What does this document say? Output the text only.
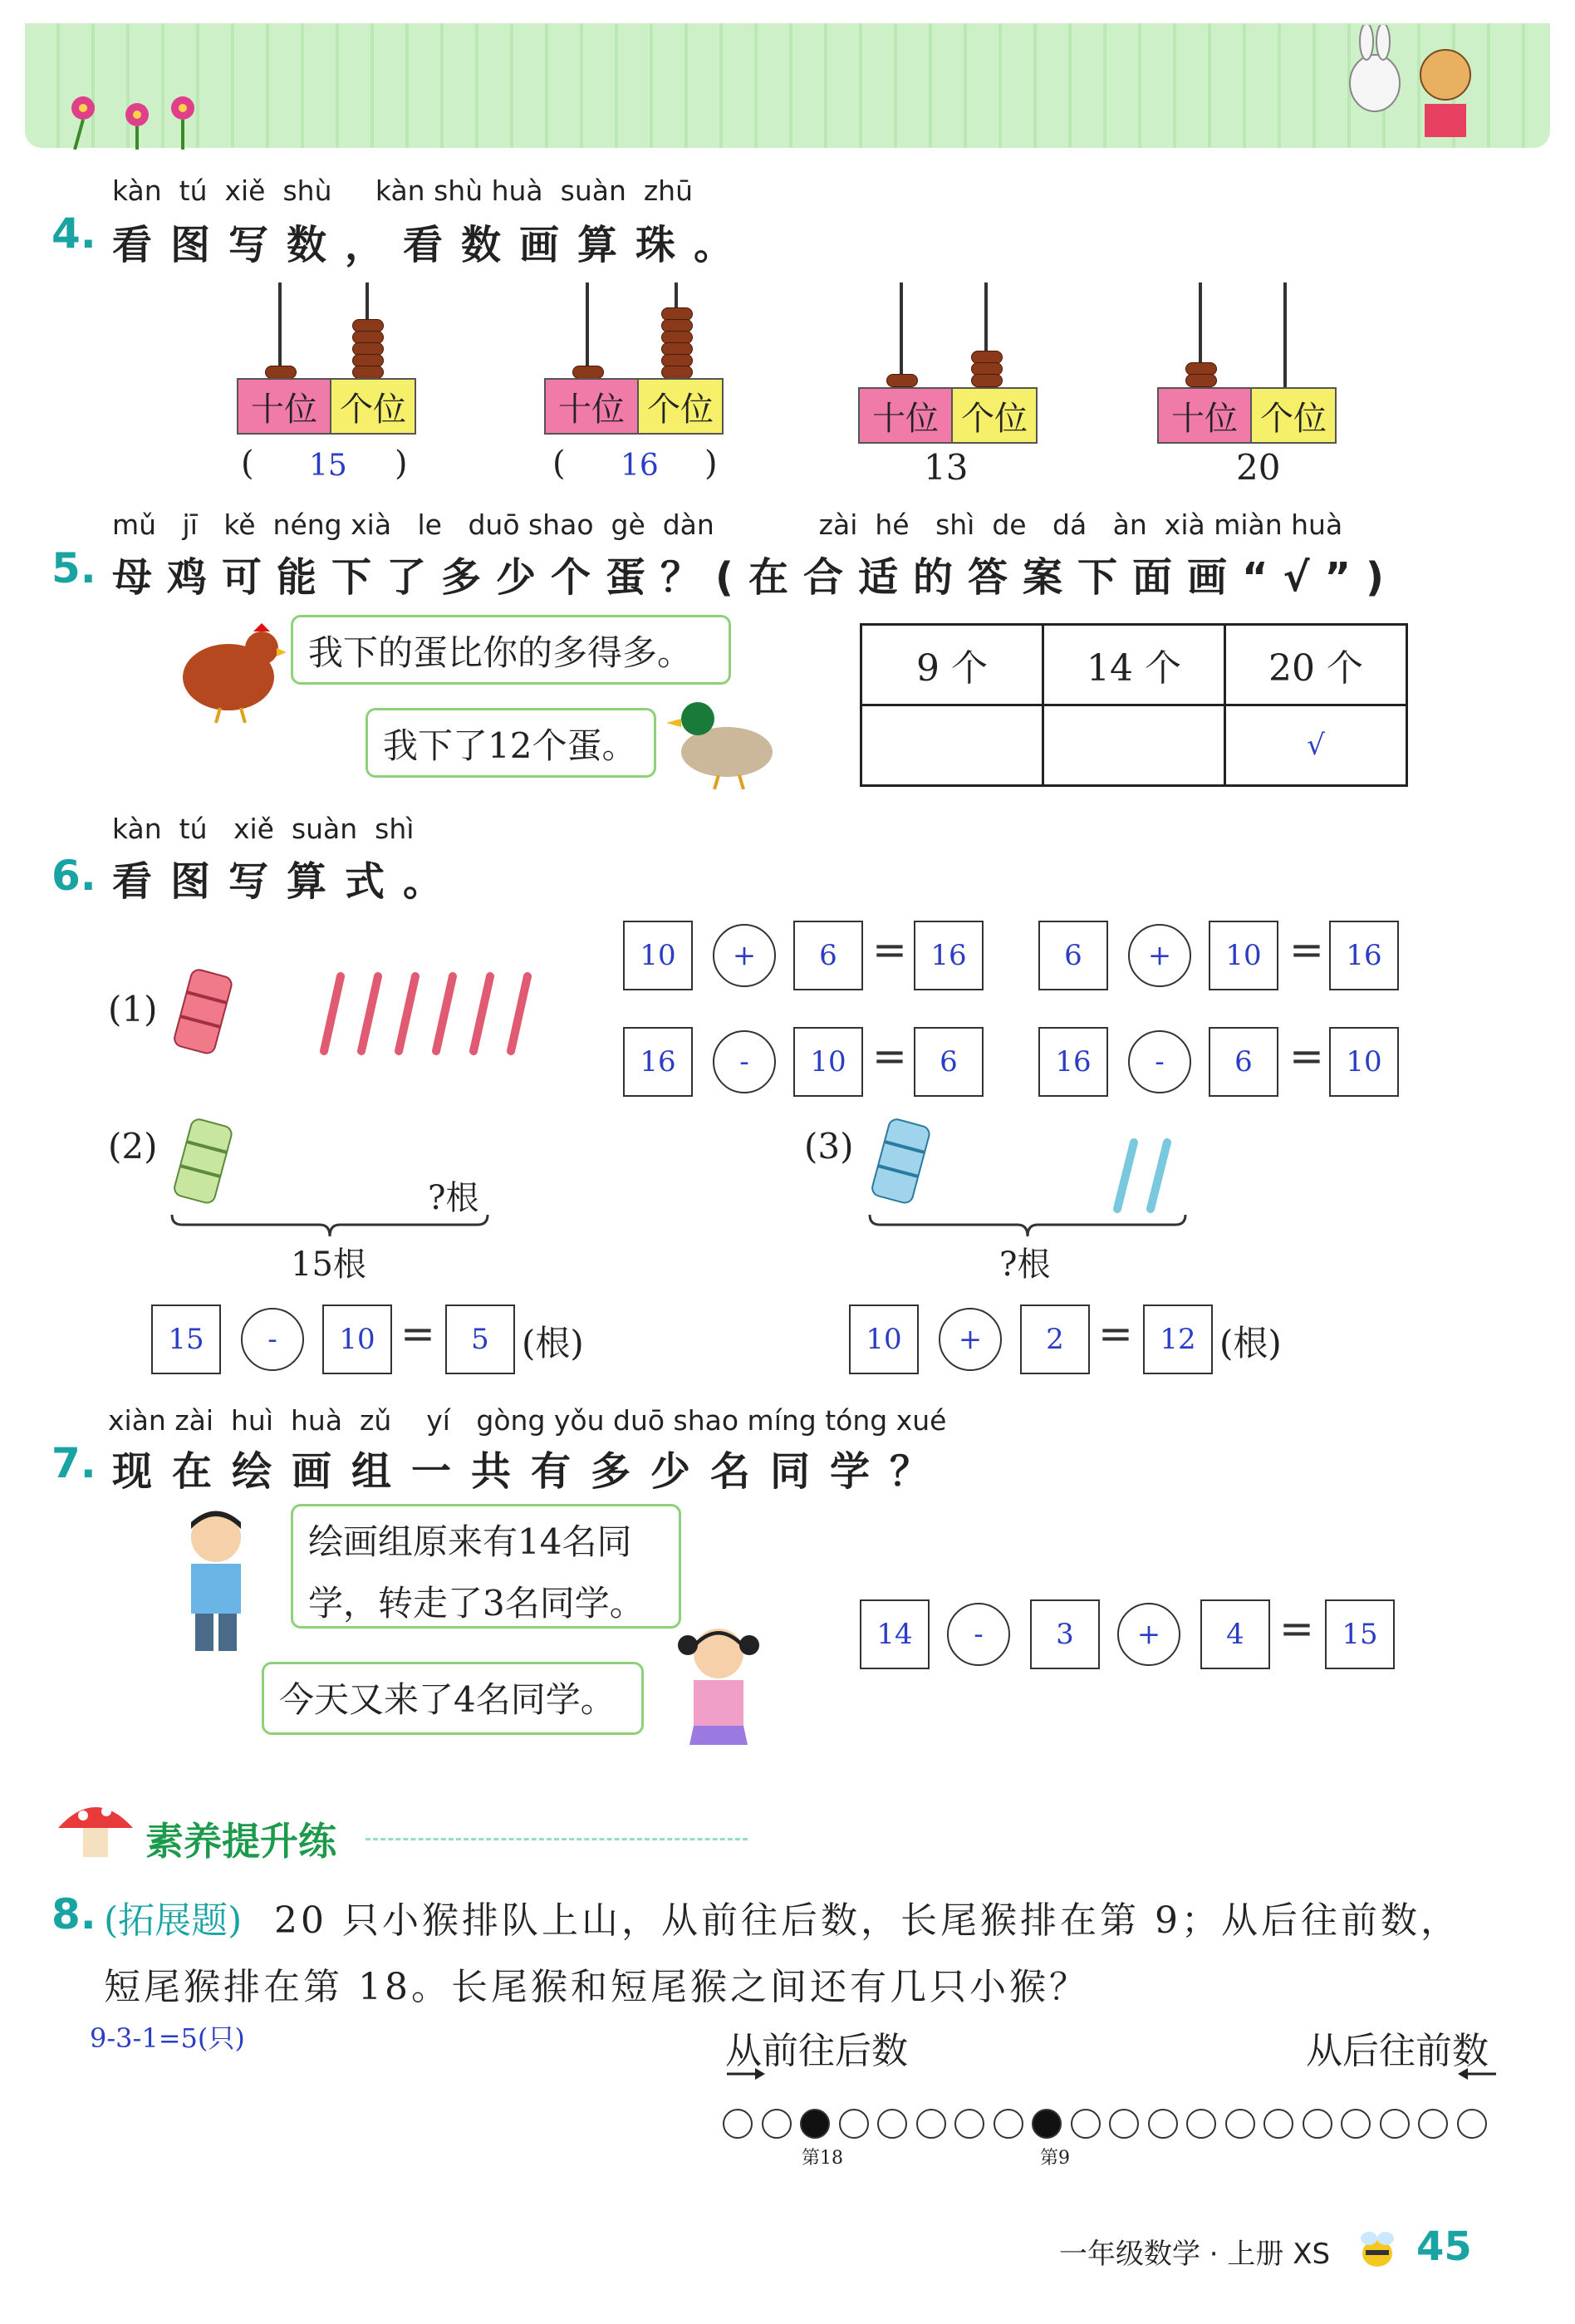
kàn  tú  xiě  shù     kàn shù huà  suàn  zhū
4. 看图写数，看数画算珠。
十位 个位
( 15 )
十位 个位
( 16 )
十位 个位
13
十位 个位
20
mǔ   jī   kě  néng xià   le   duō shao  gè  dàn            zài  hé   shì  de   dá   àn  xià miàn huà
5. 母鸡可能下了多少个蛋？(在合适的答案下面画“√”)
我下的蛋比你的多得多。
我下了12个蛋。
9 个	14 个	20 个
		√
kàn  tú   xiě  suàn  shì
6. 看图写算式。
(1)
10	+	6 = 16	6	+	10 = 16
16	-	10 =	6	16	-	6 = 10
(2)
?根
15根
15	-	10 =	5 (根)
(3)
?根
10	+	2 = 12 (根)
xiàn zài  huì  huà  zǔ    yí   gòng yǒu duō shao míng tóng xué
7. 现在绘画组一共有多少名同学？
绘画组原来有14名同
学，转走了3名同学。
今天又来了4名同学。
14	-	3	+	4 = 15
素养提升练
8. (拓展题) 20 只小猴排队上山，从前往后数，长尾猴排在第 9；从后往前数，
短尾猴排在第 18。长尾猴和短尾猴之间还有几只小猴？
9-3-1=5(只)	从前往后数	从后往前数
第18	第9
一年级数学 · 上册 XS 45
